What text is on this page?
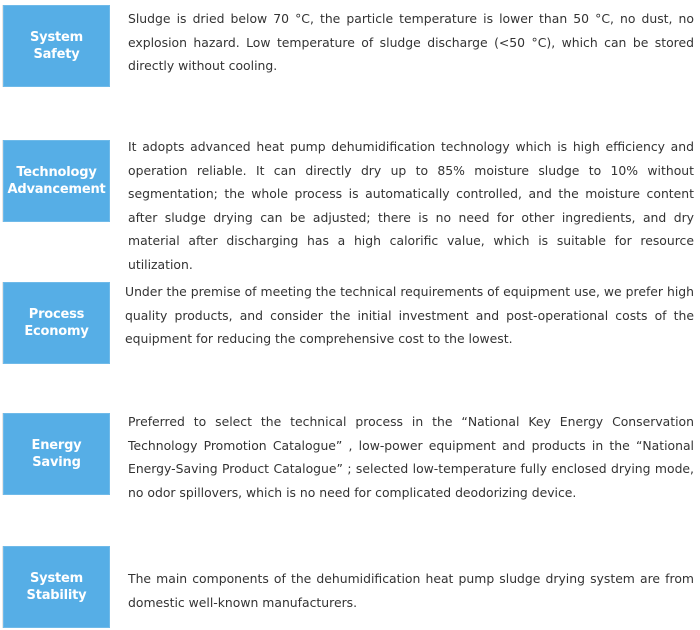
System
Safety

Sludge is dried below 70 °C, the particle temperature is lower than 50 °C, no dust, no explosion hazard. Low temperature of sludge discharge (<50 °C), which can be stored directly without cooling.

Technology
Advancement

It adopts advanced heat pump dehumidification technology which is high efficiency and operation reliable. It can directly dry up to 85% moisture sludge to 10% without segmentation; the whole process is automatically controlled, and the moisture content after sludge drying can be adjusted; there is no need for other ingredients, and dry material after discharging has a high calorific value, which is suitable for resource utilization.

Process
Economy

Under the premise of meeting the technical requirements of equipment use, we prefer high quality products, and consider the initial investment and post-operational costs of the equipment for reducing the comprehensive cost to the lowest.

Energy
Saving

Preferred to select the technical process in the “National Key Energy Conservation Technology Promotion Catalogue” , low-power equipment and products in the “National Energy-Saving Product Catalogue” ; selected low-temperature fully enclosed drying mode, no odor spillovers, which is no need for complicated deodorizing device.

System
Stability

The main components of the dehumidification heat pump sludge drying system are from domestic well-known manufacturers.
